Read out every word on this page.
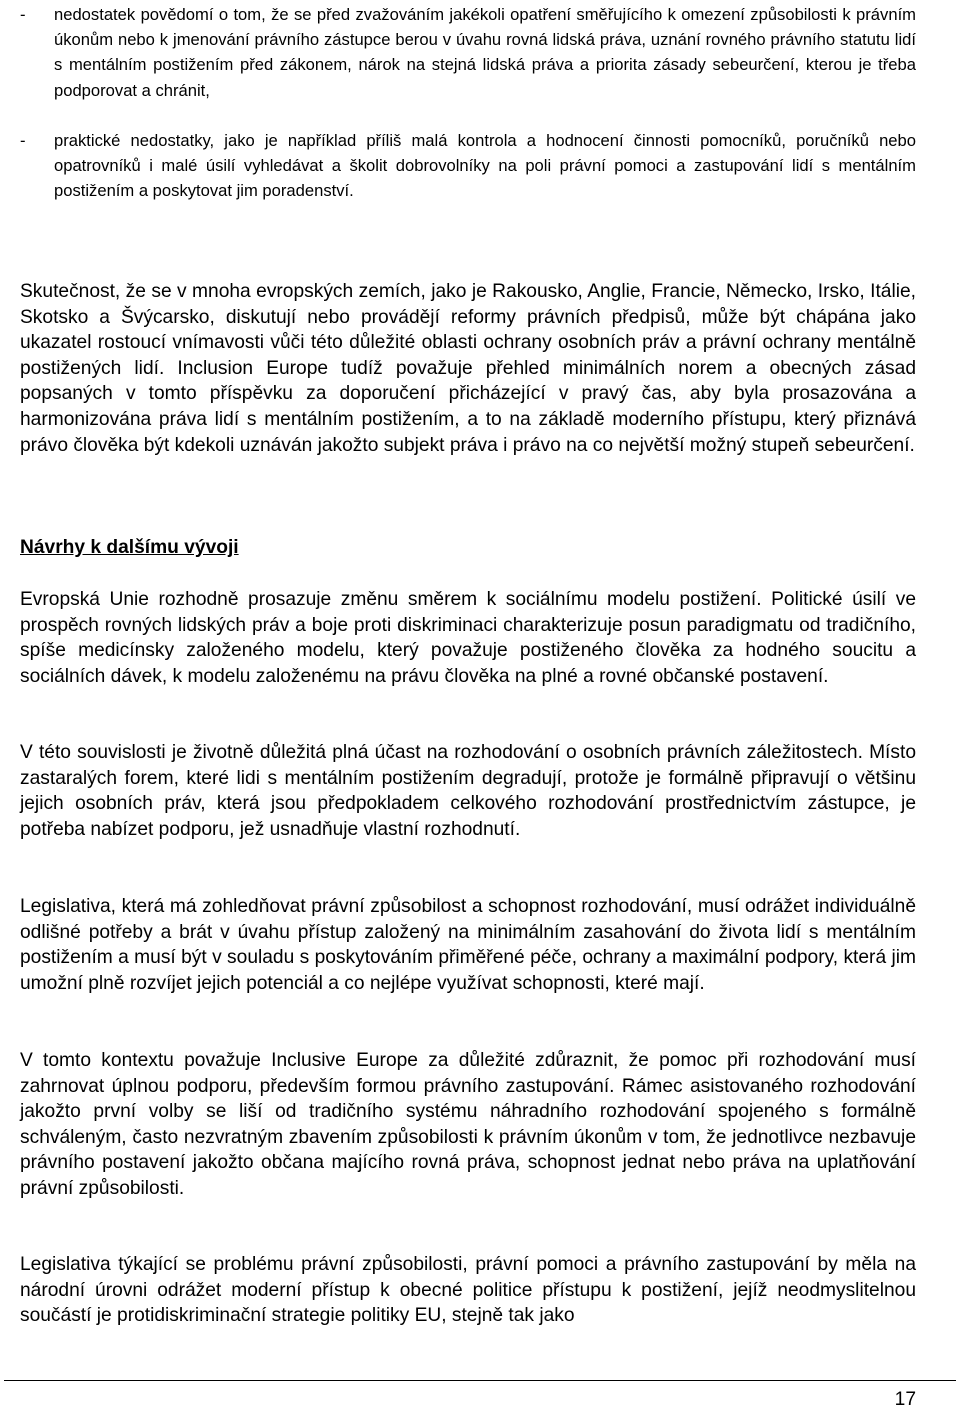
- nedostatek povědomí o tom, že se před zvažováním jakékoli opatření směřujícího k omezení způsobilosti k právním úkonům nebo k jmenování právního zástupce berou v úvahu rovná lidská práva, uznání rovného právního statutu lidí s mentálním postižením před zákonem, nárok na stejná lidská práva a priorita zásady sebeurčení, kterou je třeba podporovat a chránit,
- praktické nedostatky, jako je například příliš malá kontrola a hodnocení činnosti pomocníků, poručníků nebo opatrovníků i malé úsilí vyhledávat a školit dobrovolníky na poli právní pomoci a zastupování lidí s mentálním postižením a poskytovat jim poradenství.

Skutečnost, že se v mnoha evropských zemích, jako je Rakousko, Anglie, Francie, Německo, Irsko, Itálie, Skotsko a Švýcarsko, diskutují nebo provádějí reformy právních předpisů, může být chápána jako ukazatel rostoucí vnímavosti vůči této důležité oblasti ochrany osobních práv a právní ochrany mentálně postižených lidí. Inclusion Europe tudíž považuje přehled minimálních norem a obecných zásad popsaných v tomto příspěvku za doporučení přicházející v pravý čas, aby byla prosazována a harmonizována práva lidí s mentálním postižením, a to na základě moderního přístupu, který přiznává právo člověka být kdekoli uznáván jakožto subjekt práva i právo na co největší možný stupeň sebeurčení.

Návrhy k dalšímu vývoji

Evropská Unie rozhodně prosazuje změnu směrem k sociálnímu modelu postižení. Politické úsilí ve prospěch rovných lidských práv a boje proti diskriminaci charakterizuje posun paradigmatu od tradičního, spíše medicínsky založeného modelu, který považuje postiženého člověka za hodného soucitu a sociálních dávek, k modelu založenému na právu člověka na plné a rovné občanské postavení.

V této souvislosti je životně důležitá plná účast na rozhodování o osobních právních záležitostech. Místo zastaralých forem, které lidi s mentálním postižením degradují, protože je formálně připravují o většinu jejich osobních práv, která jsou předpokladem celkového rozhodování prostřednictvím zástupce, je potřeba nabízet podporu, jež usnadňuje vlastní rozhodnutí.

Legislativa, která má zohledňovat právní způsobilost a schopnost rozhodování, musí odrážet individuálně odlišné potřeby a brát v úvahu přístup založený na minimálním zasahování do života lidí s mentálním postižením a musí být v souladu s poskytováním přiměřené péče, ochrany a maximální podpory, která jim umožní plně rozvíjet jejich potenciál a co nejlépe využívat schopnosti, které mají.

V tomto kontextu považuje Inclusive Europe za důležité zdůraznit, že pomoc při rozhodování musí zahrnovat úplnou podporu, především formou právního zastupování. Rámec asistovaného rozhodování jakožto první volby se liší od tradičního systému náhradního rozhodování spojeného s formálně schváleným, často nezvratným zbavením způsobilosti k právním úkonům v tom, že jednotlivce nezbavuje právního postavení jakožto občana majícího rovná práva, schopnost jednat nebo práva na uplatňování právní způsobilosti.

Legislativa týkající se problému právní způsobilosti, právní pomoci a právního zastupování by měla na národní úrovni odrážet moderní přístup k obecné politice přístupu k postižení, jejíž neodmyslitelnou součástí je protidiskriminační strategie politiky EU, stejně tak jako

17
